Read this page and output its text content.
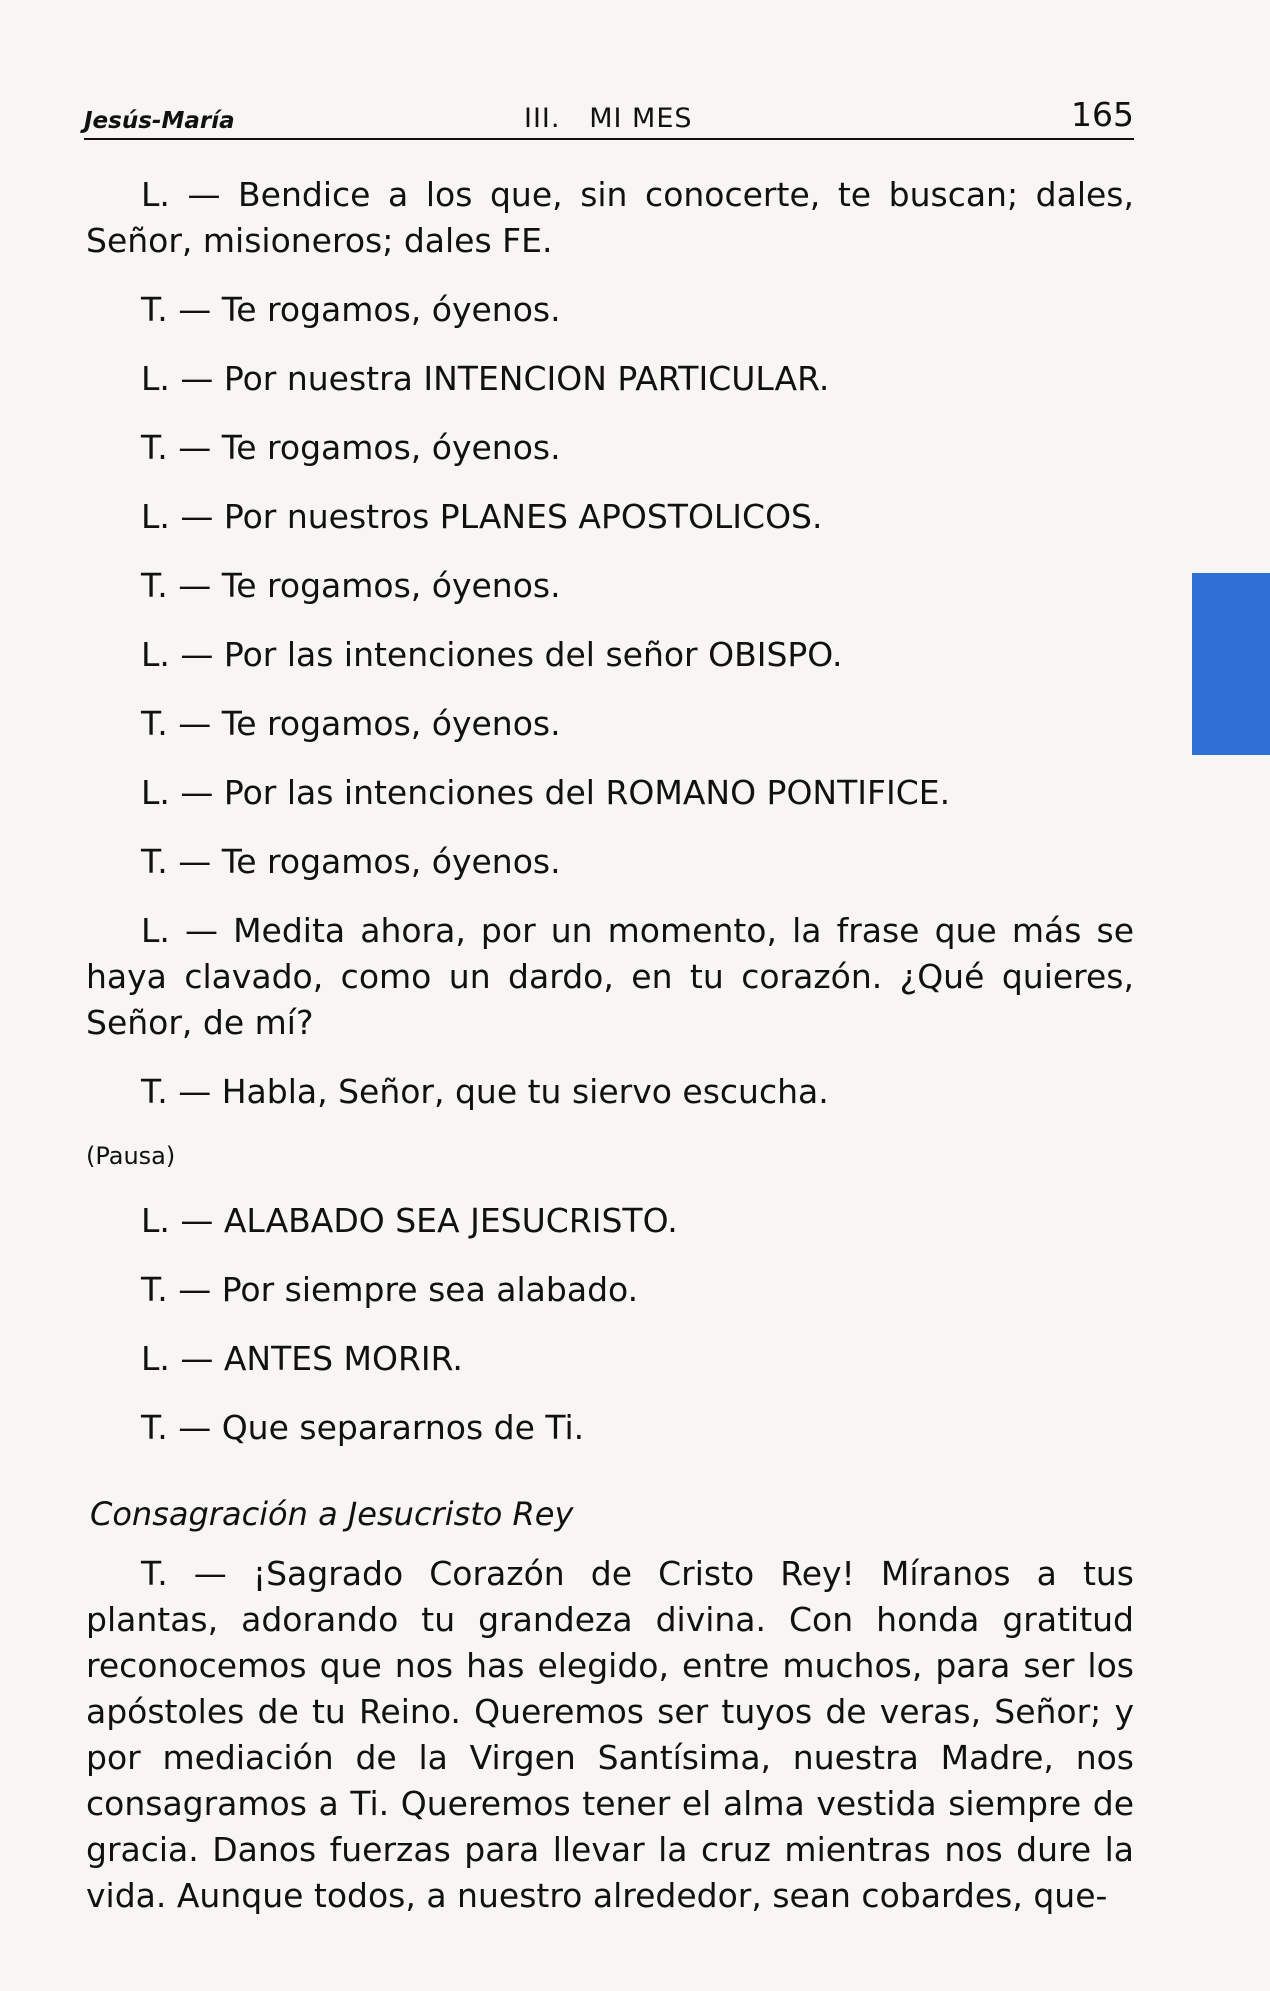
Jesús-María	III.   MI MES	165
L. — Bendice a los que, sin conocerte, te buscan; dales, Señor, misioneros; dales FE.
T. — Te rogamos, óyenos.
L. — Por nuestra INTENCION PARTICULAR.
T. — Te rogamos, óyenos.
L. — Por nuestros PLANES APOSTOLICOS.
T. — Te rogamos, óyenos.
L. — Por las intenciones del señor OBISPO.
T. — Te rogamos, óyenos.
L. — Por las intenciones del ROMANO PONTIFICE.
T. — Te rogamos, óyenos.
L. — Medita ahora, por un momento, la frase que más se haya clavado, como un dardo, en tu corazón. ¿Qué quieres, Señor, de mí?
T. — Habla, Señor, que tu siervo escucha.
(Pausa)
L. — ALABADO SEA JESUCRISTO.
T. — Por siempre sea alabado.
L. — ANTES MORIR.
T. — Que separarnos de Ti.
Consagración a Jesucristo Rey
T. — ¡Sagrado Corazón de Cristo Rey! Míranos a tus plantas, adorando tu grandeza divina. Con honda gratitud reconocemos que nos has elegido, entre muchos, para ser los apóstoles de tu Reino. Queremos ser tuyos de veras, Señor; y por mediación de la Virgen Santísima, nuestra Madre, nos consagramos a Ti. Queremos tener el alma vestida siempre de gracia. Danos fuerzas para llevar la cruz mientras nos dure la vida. Aunque todos, a nuestro alrededor, sean cobardes, que-
